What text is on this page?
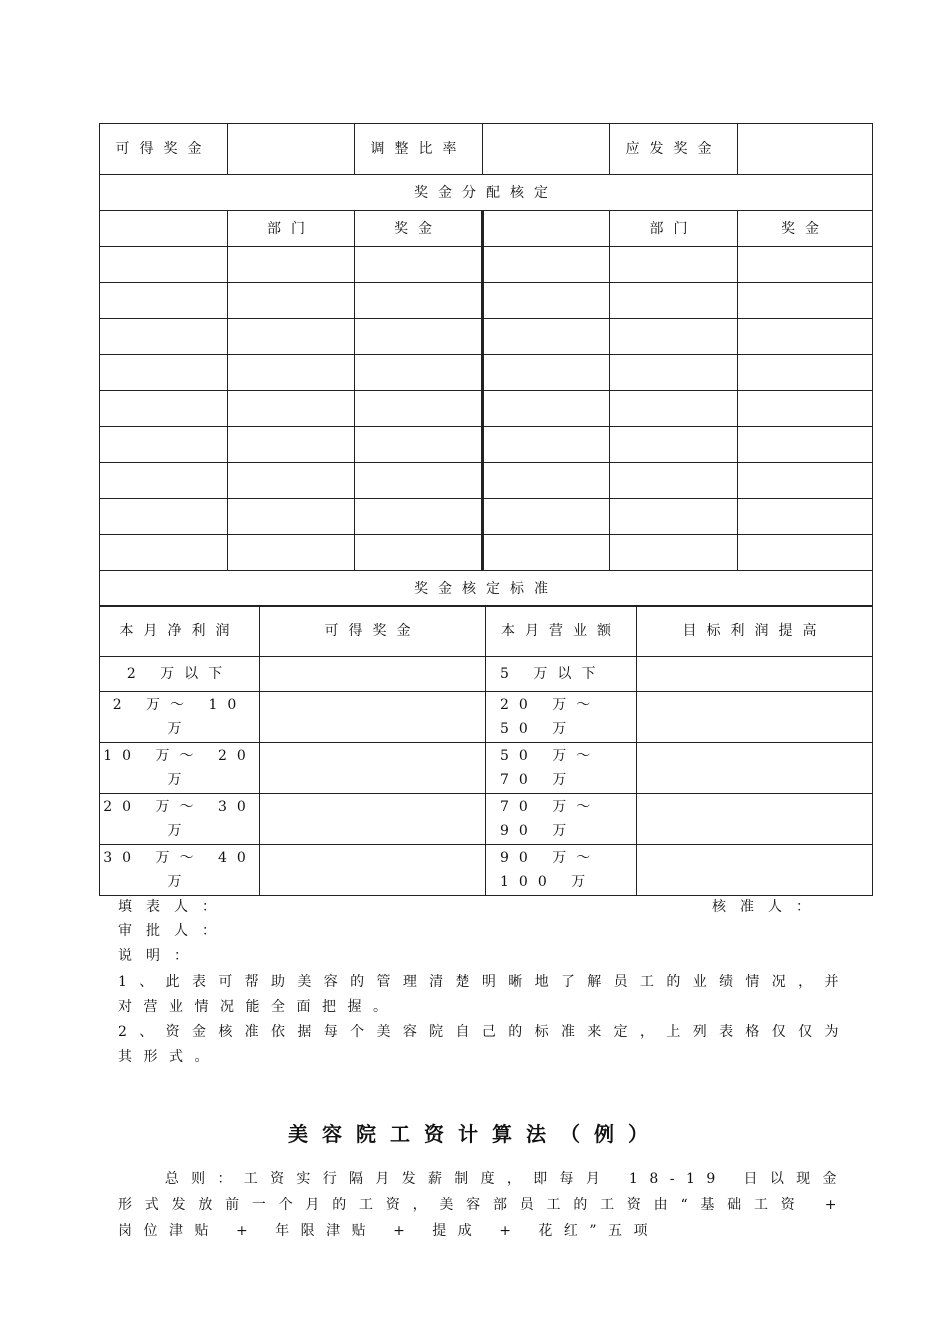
可得奖金		调整比率		应发奖金	
奖金分配核定					
	部门	奖金		部门	奖金

奖金核定标准					
本月净利润	可得奖金	本月营业额	目标利润提高
2 万以下		5 万以下	
2 万～ 10 万		20 万～ 50 万	
10 万～ 20 万		50 万～ 70 万	
20 万～ 30 万		70 万～ 90 万	
30 万～ 40 万		90 万～ 100 万	
填表人：	核准人：
审批人：
说明：
1、此表可帮助美容的管理清楚明晰地了解员工的业绩情况，并对营业情况能全面把握。
2、资金核准依据每个美容院自己的标准来定，上列表格仅仅为其形式。
美容院工资计算法（例）
总则：工资实行隔月发薪制度，即每月 18-19 日以现金形式发放前一个月的工资，美容部员工的工资由“基础工资 + 岗位津贴 + 年限津贴 + 提成 + 花红”五项
